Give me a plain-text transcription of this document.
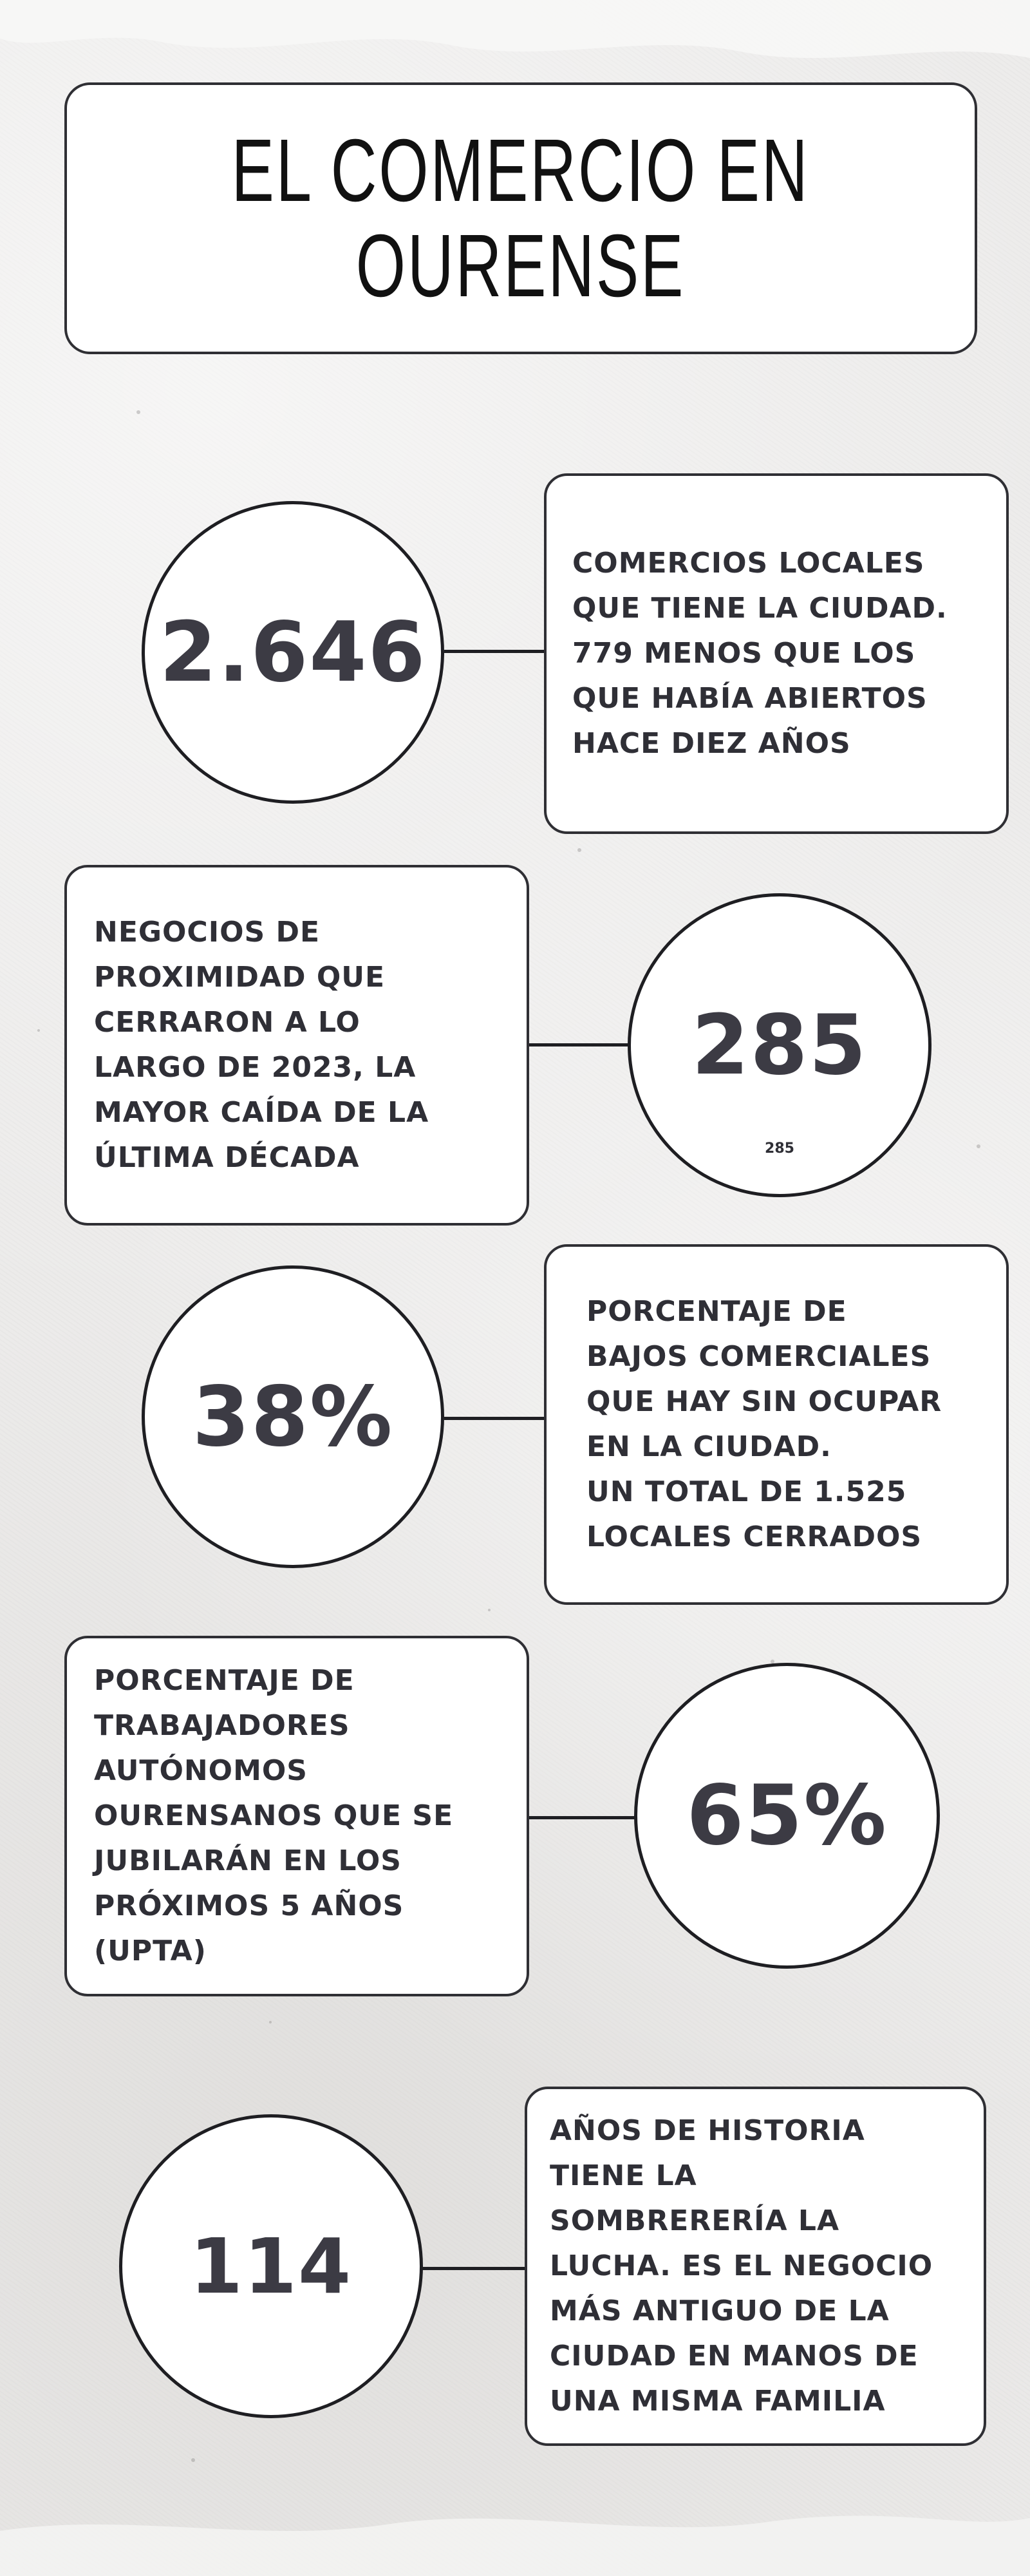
EL COMERCIO EN
OURENSE
2.646
COMERCIOS LOCALES
QUE TIENE LA CIUDAD.
779 MENOS QUE LOS
QUE HABÍA ABIERTOS
HACE DIEZ AÑOS
NEGOCIOS DE
PROXIMIDAD QUE
CERRARON A LO
LARGO DE 2023, LA
MAYOR CAÍDA DE LA
ÚLTIMA DÉCADA
285
285
38%
PORCENTAJE DE
BAJOS COMERCIALES
QUE HAY SIN OCUPAR
EN LA CIUDAD.
UN TOTAL DE 1.525
LOCALES CERRADOS
PORCENTAJE DE
TRABAJADORES
AUTÓNOMOS
OURENSANOS QUE SE
JUBILARÁN EN LOS
PRÓXIMOS 5 AÑOS
(UPTA)
65%
114
AÑOS DE HISTORIA
TIENE LA
SOMBRERERÍA LA
LUCHA. ES EL NEGOCIO
MÁS ANTIGUO DE LA
CIUDAD EN MANOS DE
UNA MISMA FAMILIA
